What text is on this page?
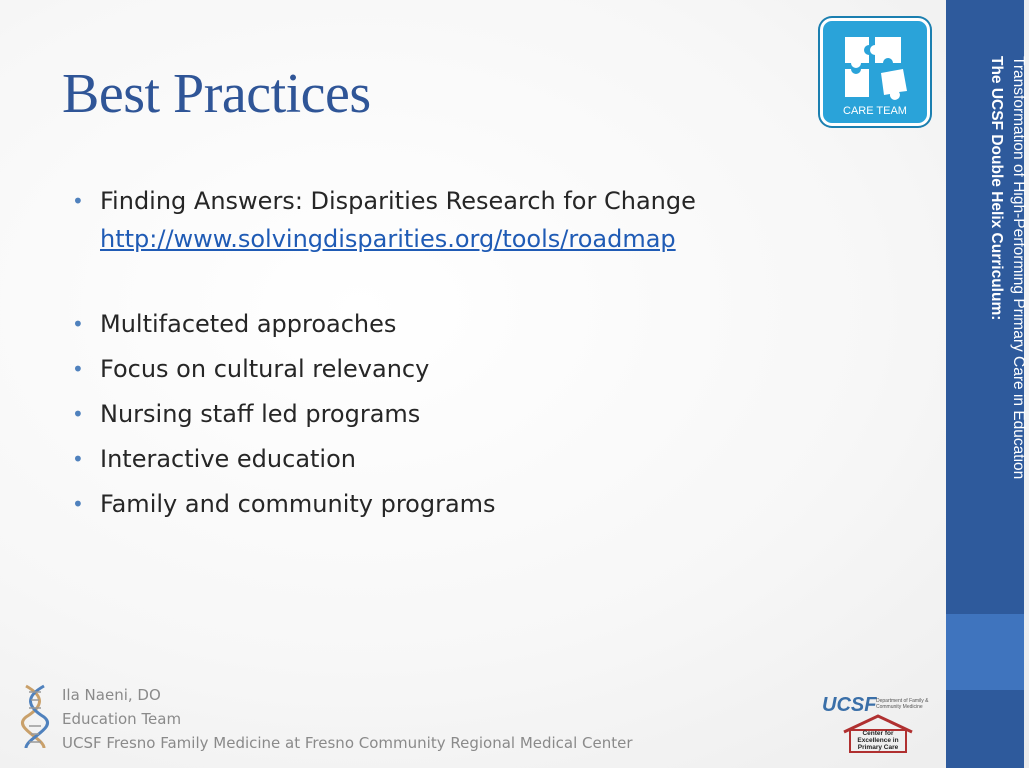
Best Practices	CARE TEAM	Transformation of High-Performing Primary Care in Education
The UCSF Double Helix Curriculum:
• Finding Answers: Disparities Research for Change
http://www.solvingdisparities.org/tools/roadmap
• Multifaceted approaches
• Focus on cultural relevancy
• Nursing staff led programs
• Interactive education
• Family and community programs
Ila Naeni, DO
Education Team
UCSF Fresno Family Medicine at Fresno Community Regional Medical Center
UCSF Department of Family & Community Medicine
Center for Excellence in Primary Care
